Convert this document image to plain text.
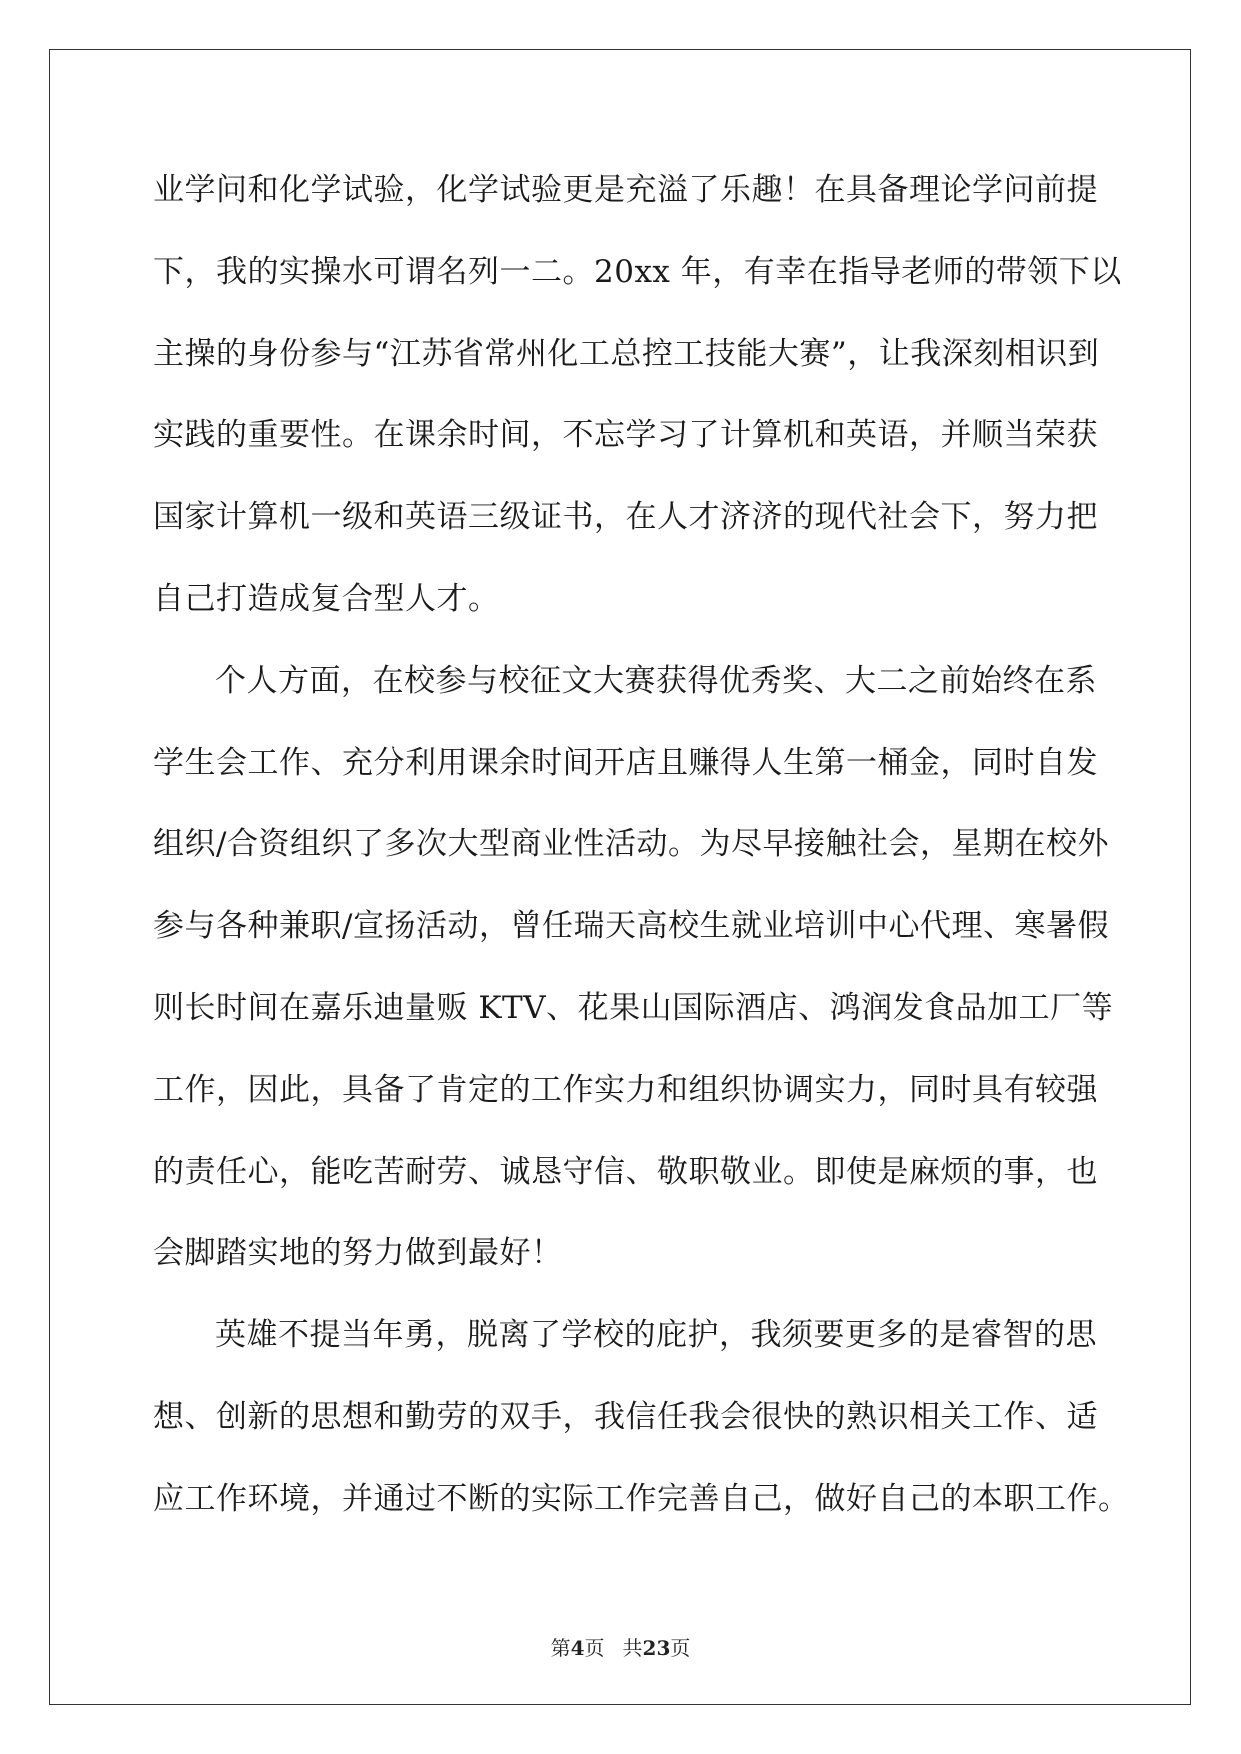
业学问和化学试验，化学试验更是充溢了乐趣！在具备理论学问前提
下，我的实操水可谓名列一二。20xx 年，有幸在指导老师的带领下以
主操的身份参与“江苏省常州化工总控工技能大赛”，让我深刻相识到
实践的重要性。在课余时间，不忘学习了计算机和英语，并顺当荣获
国家计算机一级和英语三级证书，在人才济济的现代社会下，努力把
自己打造成复合型人才。
个人方面，在校参与校征文大赛获得优秀奖、大二之前始终在系
学生会工作、充分利用课余时间开店且赚得人生第一桶金，同时自发
组织/合资组织了多次大型商业性活动。为尽早接触社会，星期在校外
参与各种兼职/宣扬活动，曾任瑞天高校生就业培训中心代理、寒暑假
则长时间在嘉乐迪量贩 KTV、花果山国际酒店、鸿润发食品加工厂等
工作，因此，具备了肯定的工作实力和组织协调实力，同时具有较强
的责任心，能吃苦耐劳、诚恳守信、敬职敬业。即使是麻烦的事，也
会脚踏实地的努力做到最好！
英雄不提当年勇，脱离了学校的庇护，我须要更多的是睿智的思
想、创新的思想和勤劳的双手，我信任我会很快的熟识相关工作、适
应工作环境，并通过不断的实际工作完善自己，做好自己的本职工作。
第4页 共23页
